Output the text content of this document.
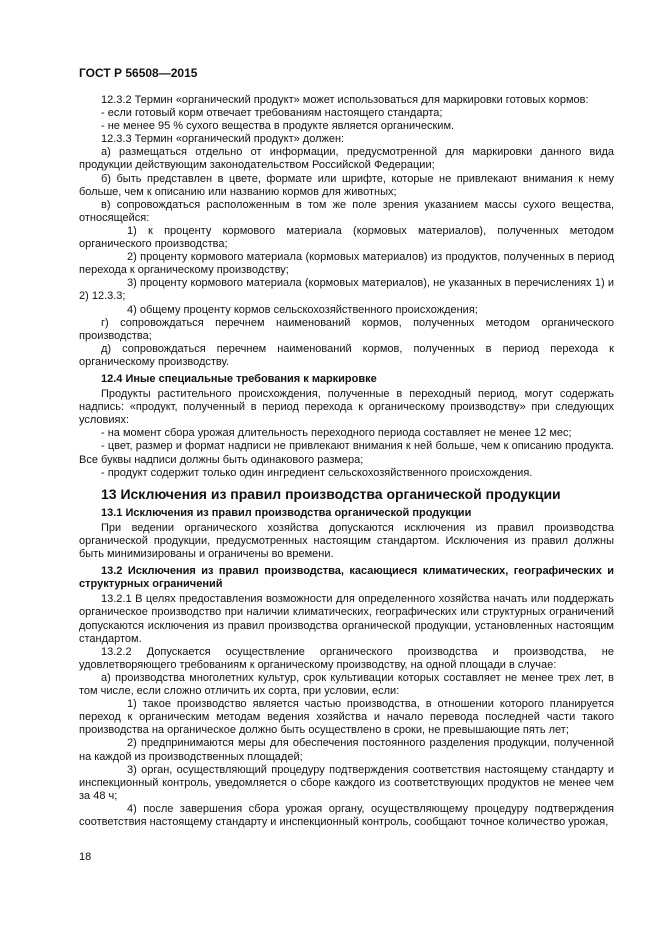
ГОСТ Р 56508—2015

12.3.2 Термин «органический продукт» может использоваться для маркировки готовых кормов:

- если готовый корм отвечает требованиям настоящего стандарта;

- не менее 95 % сухого вещества в продукте является органическим.

12.3.3 Термин «органический продукт» должен:

а) размещаться отдельно от информации, предусмотренной для маркировки данного вида продукции действующим законодательством Российской Федерации;

б) быть представлен в цвете, формате или шрифте, которые не привлекают внимания к нему больше, чем к описанию или названию кормов для животных;

в) сопровождаться расположенным в том же поле зрения указанием массы сухого вещества, относящейся:

1) к проценту кормового материала (кормовых материалов), полученных методом органического производства;

2) проценту кормового материала (кормовых материалов) из продуктов, полученных в период перехода к органическому производству;

3) проценту кормового материала (кормовых материалов), не указанных в перечислениях 1) и 2) 12.3.3;

4) общему проценту кормов сельскохозяйственного происхождения;

г) сопровождаться перечнем наименований кормов, полученных методом органического производства;

д) сопровождаться перечнем наименований кормов, полученных в период перехода к органическому производству.

12.4 Иные специальные требования к маркировке

Продукты растительного происхождения, полученные в переходный период, могут содержать надпись: «продукт, полученный в период перехода к органическому производству» при следующих условиях:

- на момент сбора урожая длительность переходного периода составляет не менее 12 мес;

- цвет, размер и формат надписи не привлекают внимания к ней больше, чем к описанию продукта. Все буквы надписи должны быть одинакового размера;

- продукт содержит только один ингредиент сельскохозяйственного происхождения.

13 Исключения из правил производства органической продукции

13.1 Исключения из правил производства органической продукции

При ведении органического хозяйства допускаются исключения из правил производства органической продукции, предусмотренных настоящим стандартом. Исключения из правил должны быть минимизированы и ограничены во времени.

13.2 Исключения из правил производства, касающиеся климатических, географических и структурных ограничений

13.2.1 В целях предоставления возможности для определенного хозяйства начать или поддержать органическое производство при наличии климатических, географических или структурных ограничений допускаются исключения из правил производства органической продукции, установленных настоящим стандартом.

13.2.2 Допускается осуществление органического производства и производства, не удовлетворяющего требованиям к органическому производству, на одной площади в случае:

а) производства многолетних культур, срок культивации которых составляет не менее трех лет, в том числе, если сложно отличить их сорта, при условии, если:

1) такое производство является частью производства, в отношении которого планируется переход к органическим методам ведения хозяйства и начало перевода последней части такого производства на органическое должно быть осуществлено в сроки, не превышающие пять лет;

2) предпринимаются меры для обеспечения постоянного разделения продукции, полученной на каждой из производственных площадей;

3) орган, осуществляющий процедуру подтверждения соответствия настоящему стандарту и инспекционный контроль, уведомляется о сборе каждого из соответствующих продуктов не менее чем за 48 ч;

4) после завершения сбора урожая органу, осуществляющему процедуру подтверждения соответствия настоящему стандарту и инспекционный контроль, сообщают точное количество урожая,

18
